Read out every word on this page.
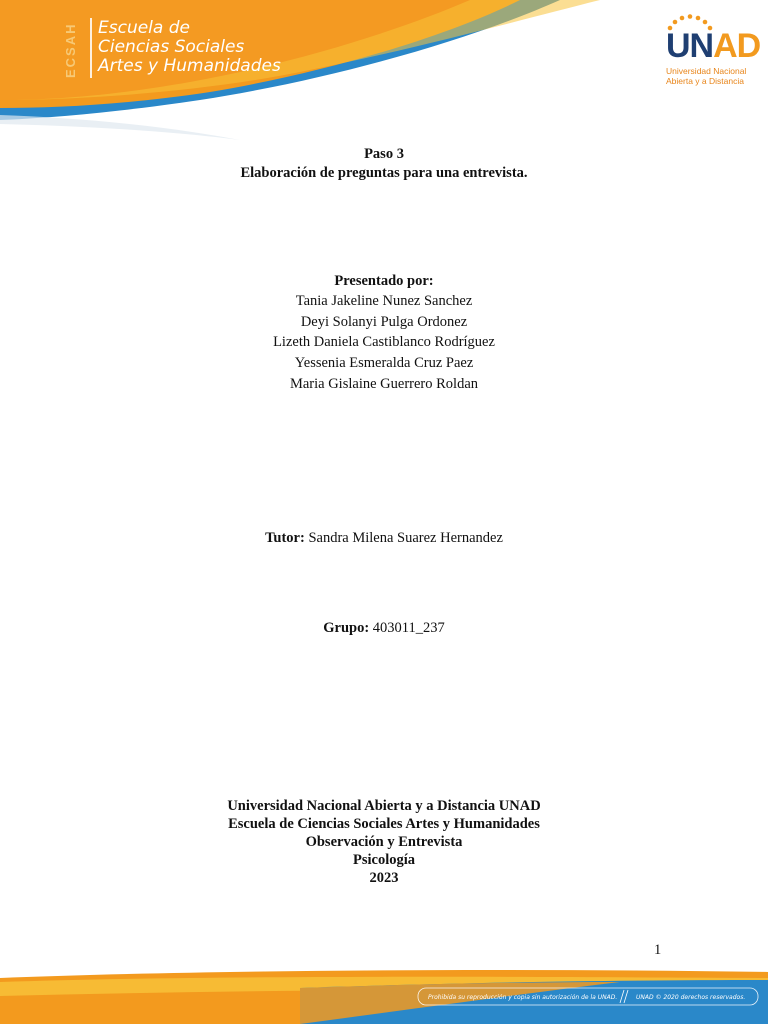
ECSAH Escuela de
Ciencias Sociales
Artes y Humanidades
UNAD
Universidad Nacional
Abierta y a Distancia
Paso 3
Elaboración de preguntas para una entrevista.
Presentado por:
Tania Jakeline Nunez Sanchez
Deyi Solanyi Pulga Ordonez
Lizeth Daniela Castiblanco Rodríguez
Yessenia Esmeralda Cruz Paez
Maria Gislaine Guerrero Roldan
Tutor: Sandra Milena Suarez Hernandez
Grupo: 403011_237
Universidad Nacional Abierta y a Distancia UNAD
Escuela de Ciencias Sociales Artes y Humanidades
Observación y Entrevista
Psicología
2023
1
Prohibida su reproducción y copia sin autorización de la UNAD.	UNAD © 2020 derechos reservados.
